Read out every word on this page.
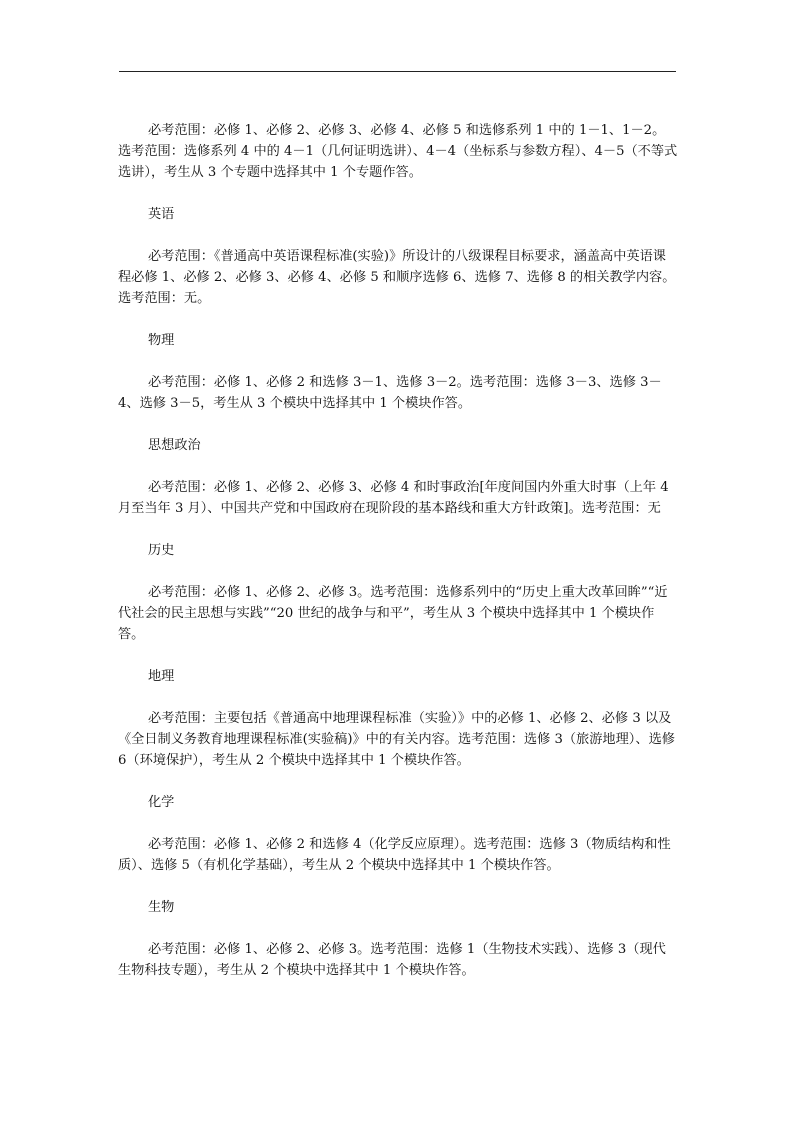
必考范围：必修 1、必修 2、必修 3、必修 4、必修 5 和选修系列 1 中的 1－1、1－2。选考范围：选修系列 4 中的 4－1（几何证明选讲）、4－4（坐标系与参数方程）、4－5（不等式选讲），考生从 3 个专题中选择其中 1 个专题作答。

英语

必考范围：《普通高中英语课程标准(实验)》所设计的八级课程目标要求，涵盖高中英语课程必修 1、必修 2、必修 3、必修 4、必修 5 和顺序选修 6、选修 7、选修 8 的相关教学内容。选考范围：无。

物理

必考范围：必修 1、必修 2 和选修 3－1、选修 3－2。选考范围：选修 3－3、选修 3－4、选修 3－5，考生从 3 个模块中选择其中 1 个模块作答。

思想政治

必考范围：必修 1、必修 2、必修 3、必修 4 和时事政治[年度间国内外重大时事（上年 4 月至当年 3 月）、中国共产党和中国政府在现阶段的基本路线和重大方针政策]。选考范围：无

历史

必考范围：必修 1、必修 2、必修 3。选考范围：选修系列中的“历史上重大改革回眸”“近代社会的民主思想与实践”“20 世纪的战争与和平”，考生从 3 个模块中选择其中 1 个模块作答。

地理

必考范围：主要包括《普通高中地理课程标准（实验）》中的必修 1、必修 2、必修 3 以及《全日制义务教育地理课程标准(实验稿)》中的有关内容。选考范围：选修 3（旅游地理）、选修 6（环境保护），考生从 2 个模块中选择其中 1 个模块作答。

化学

必考范围：必修 1、必修 2 和选修 4（化学反应原理）。选考范围：选修 3（物质结构和性质）、选修 5（有机化学基础），考生从 2 个模块中选择其中 1 个模块作答。

生物

必考范围：必修 1、必修 2、必修 3。选考范围：选修 1（生物技术实践）、选修 3（现代生物科技专题），考生从 2 个模块中选择其中 1 个模块作答。
